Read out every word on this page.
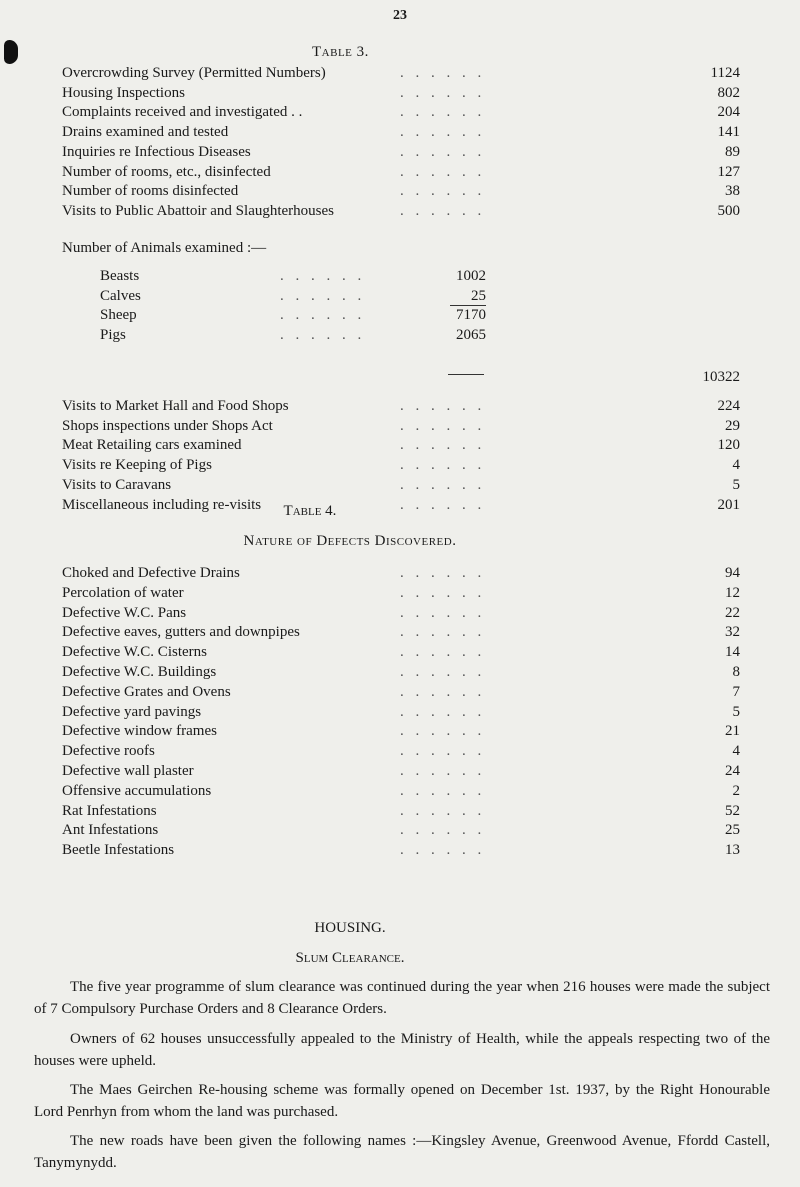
23
Table 3.
Overcrowding Survey (Permitted Numbers)	. . . . . .	1124
Housing Inspections	. . . . . .	802
Complaints received and investigated . .	. . . . . .	204
Drains examined and tested	. . . . . .	141
Inquiries re Infectious Diseases	. . . . . .	89
Number of rooms, etc., disinfected	. . . . . .	127
Number of rooms disinfected	. . . . . .	38
Visits to Public Abattoir and Slaughterhouses	. . . . . .	500
Number of Animals examined :—
Beasts	. . . . . .	1002
Calves	. . . . . .	25
Sheep	. . . . . .	7170
Pigs	. . . . . .	2065
10322
Visits to Market Hall and Food Shops	. . . . . .	224
Shops inspections under Shops Act	. . . . . .	29
Meat Retailing cars examined	. . . . . .	120
Visits re Keeping of Pigs	. . . . . .	4
Visits to Caravans	. . . . . .	5
Miscellaneous including re-visits	. . . . . .	201
Table 4.
Nature of Defects Discovered.
Choked and Defective Drains	. . . . . .	94
Percolation of water	. . . . . .	12
Defective W.C. Pans	. . . . . .	22
Defective eaves, gutters and downpipes	. . . . . .	32
Defective W.C. Cisterns	. . . . . .	14
Defective W.C. Buildings	. . . . . .	8
Defective Grates and Ovens	. . . . . .	7
Defective yard pavings	. . . . . .	5
Defective window frames	. . . . . .	21
Defective roofs	. . . . . .	4
Defective wall plaster	. . . . . .	24
Offensive accumulations	. . . . . .	2
Rat Infestations	. . . . . .	52
Ant Infestations	. . . . . .	25
Beetle Infestations	. . . . . .	13
HOUSING.
Slum Clearance.

The five year programme of slum clearance was continued during the year when 216 houses were made the subject of 7 Compulsory Purchase Orders and 8 Clearance Orders.

Owners of 62 houses unsuccessfully appealed to the Ministry of Health, while the appeals respecting two of the houses were upheld.

The Maes Geirchen Re-housing scheme was formally opened on December 1st. 1937, by the Right Honourable Lord Penrhyn from whom the land was purchased.

The new roads have been given the following names :—Kingsley Avenue, Greenwood Avenue, Ffordd Castell, Tanymynydd.
